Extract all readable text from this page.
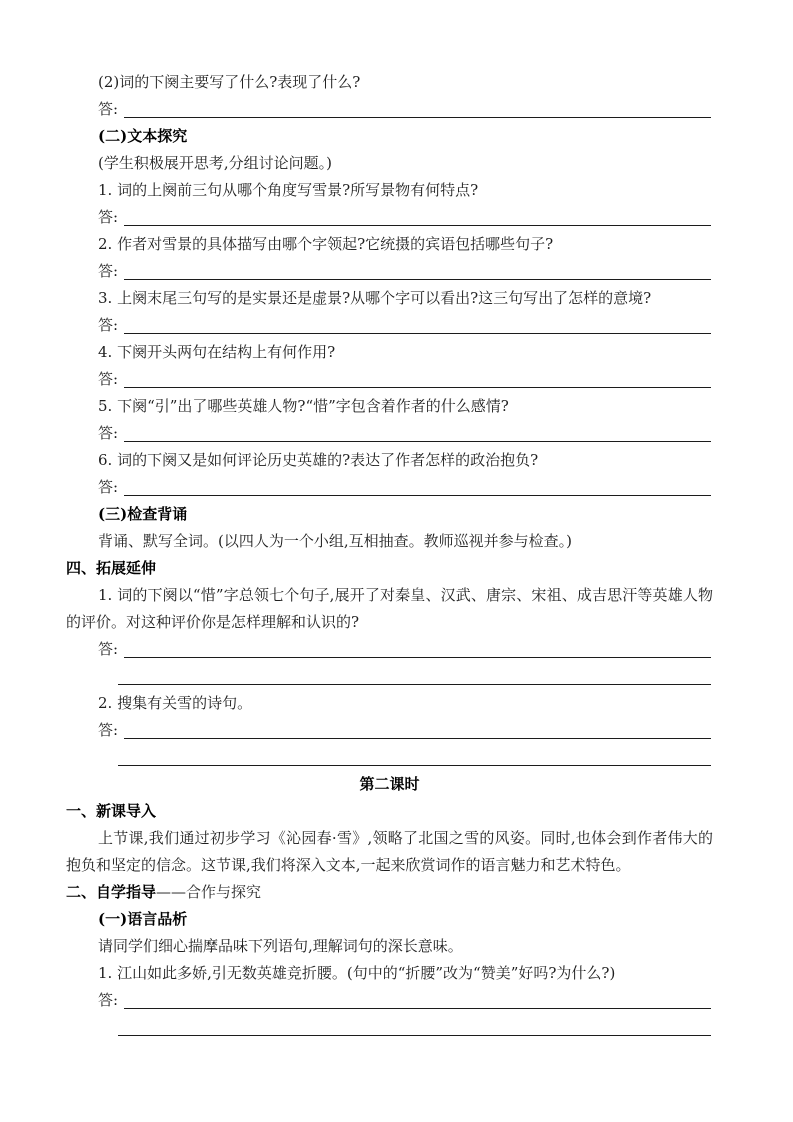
(2)词的下阕主要写了什么?表现了什么?

答:

(二)文本探究

(学生积极展开思考,分组讨论问题。)

1. 词的上阕前三句从哪个角度写雪景?所写景物有何特点?

答:

2. 作者对雪景的具体描写由哪个字领起?它统摄的宾语包括哪些句子?

答:

3. 上阕末尾三句写的是实景还是虚景?从哪个字可以看出?这三句写出了怎样的意境?

答:

4. 下阕开头两句在结构上有何作用?

答:

5. 下阕“引”出了哪些英雄人物?“惜”字包含着作者的什么感情?

答:

6. 词的下阕又是如何评论历史英雄的?表达了作者怎样的政治抱负?

答:

(三)检查背诵

背诵、默写全词。(以四人为一个小组,互相抽查。教师巡视并参与检查。)

四、拓展延伸

1. 词的下阕以“惜”字总领七个句子,展开了对秦皇、汉武、唐宗、宋祖、成吉思汗等英雄人物的评价。对这种评价你是怎样理解和认识的?

答:

2. 搜集有关雪的诗句。

答:

第二课时

一、新课导入

上节课,我们通过初步学习《沁园春·雪》,领略了北国之雪的风姿。同时,也体会到作者伟大的抱负和坚定的信念。这节课,我们将深入文本,一起来欣赏词作的语言魅力和艺术特色。

二、自学指导——合作与探究

(一)语言品析

请同学们细心揣摩品味下列语句,理解词句的深长意味。

1. 江山如此多娇,引无数英雄竞折腰。(句中的“折腰”改为“赞美”好吗?为什么?)

答:
